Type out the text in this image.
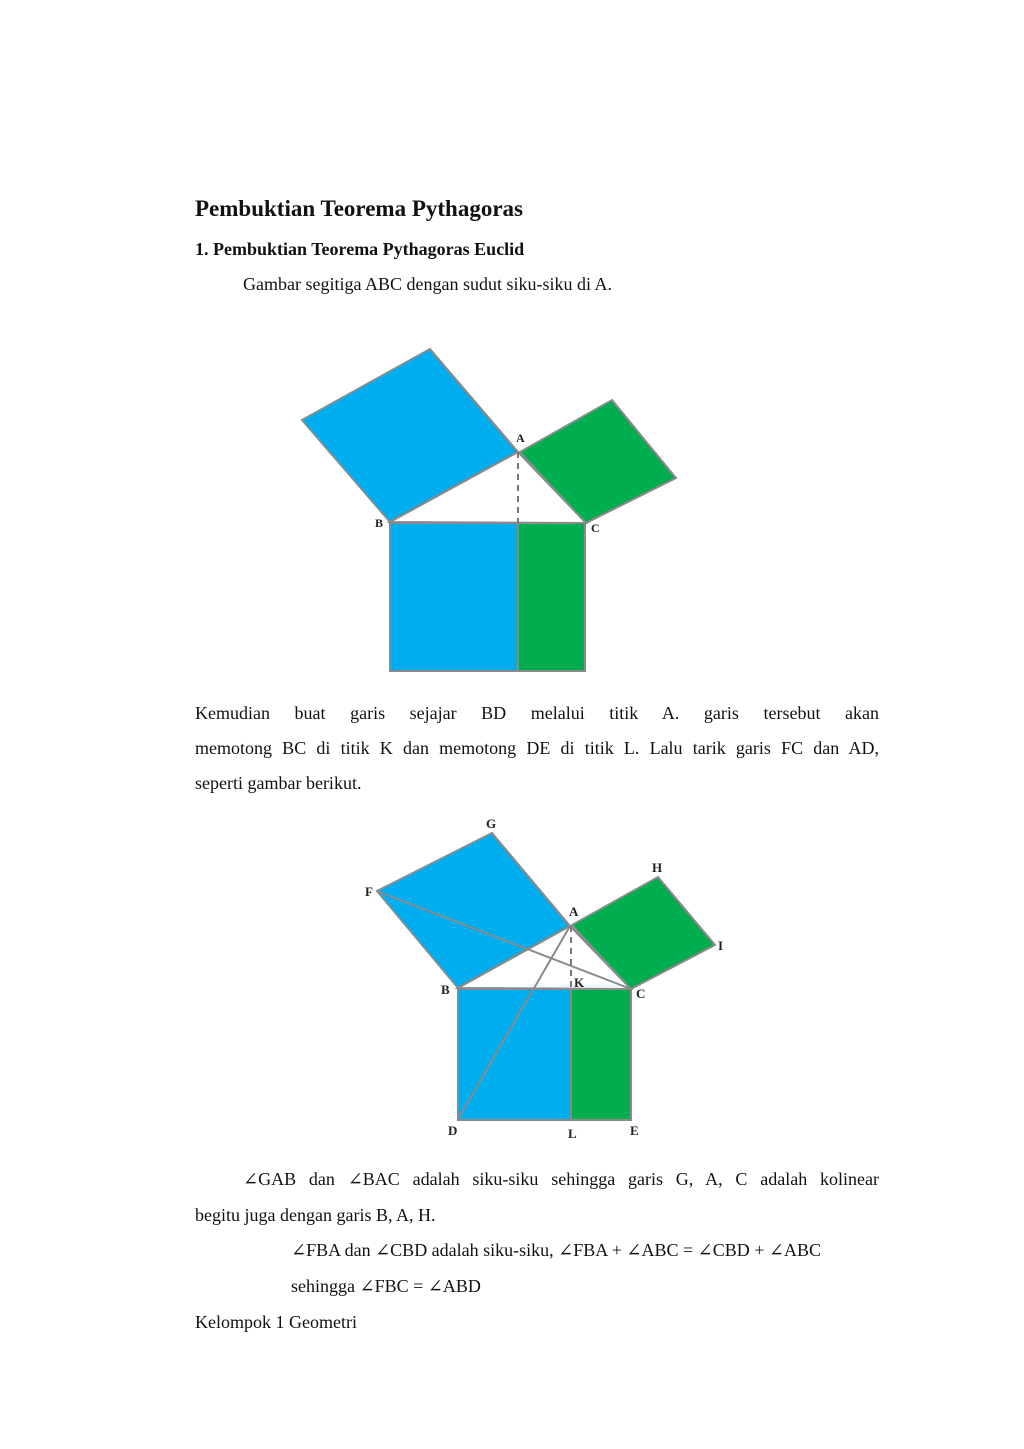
Pembuktian Teorema Pythagoras
1. Pembuktian Teorema Pythagoras Euclid
Gambar segitiga ABC dengan sudut siku-siku di A.
A
B	C
Kemudian buat garis sejajar BD melalui titik A. garis tersebut akan
memotong BC di titik K dan memotong DE di titik L. Lalu tarik garis FC dan AD,
seperti gambar berikut.
G
F
A
H
I
B	K
C
D	L	E
∠GAB dan ∠BAC adalah siku-siku sehingga garis G, A, C adalah kolinear
begitu juga dengan garis B, A, H.
∠FBA dan ∠CBD adalah siku-siku, ∠FBA + ∠ABC = ∠CBD + ∠ABC
sehingga ∠FBC = ∠ABD
Kelompok 1 Geometri
